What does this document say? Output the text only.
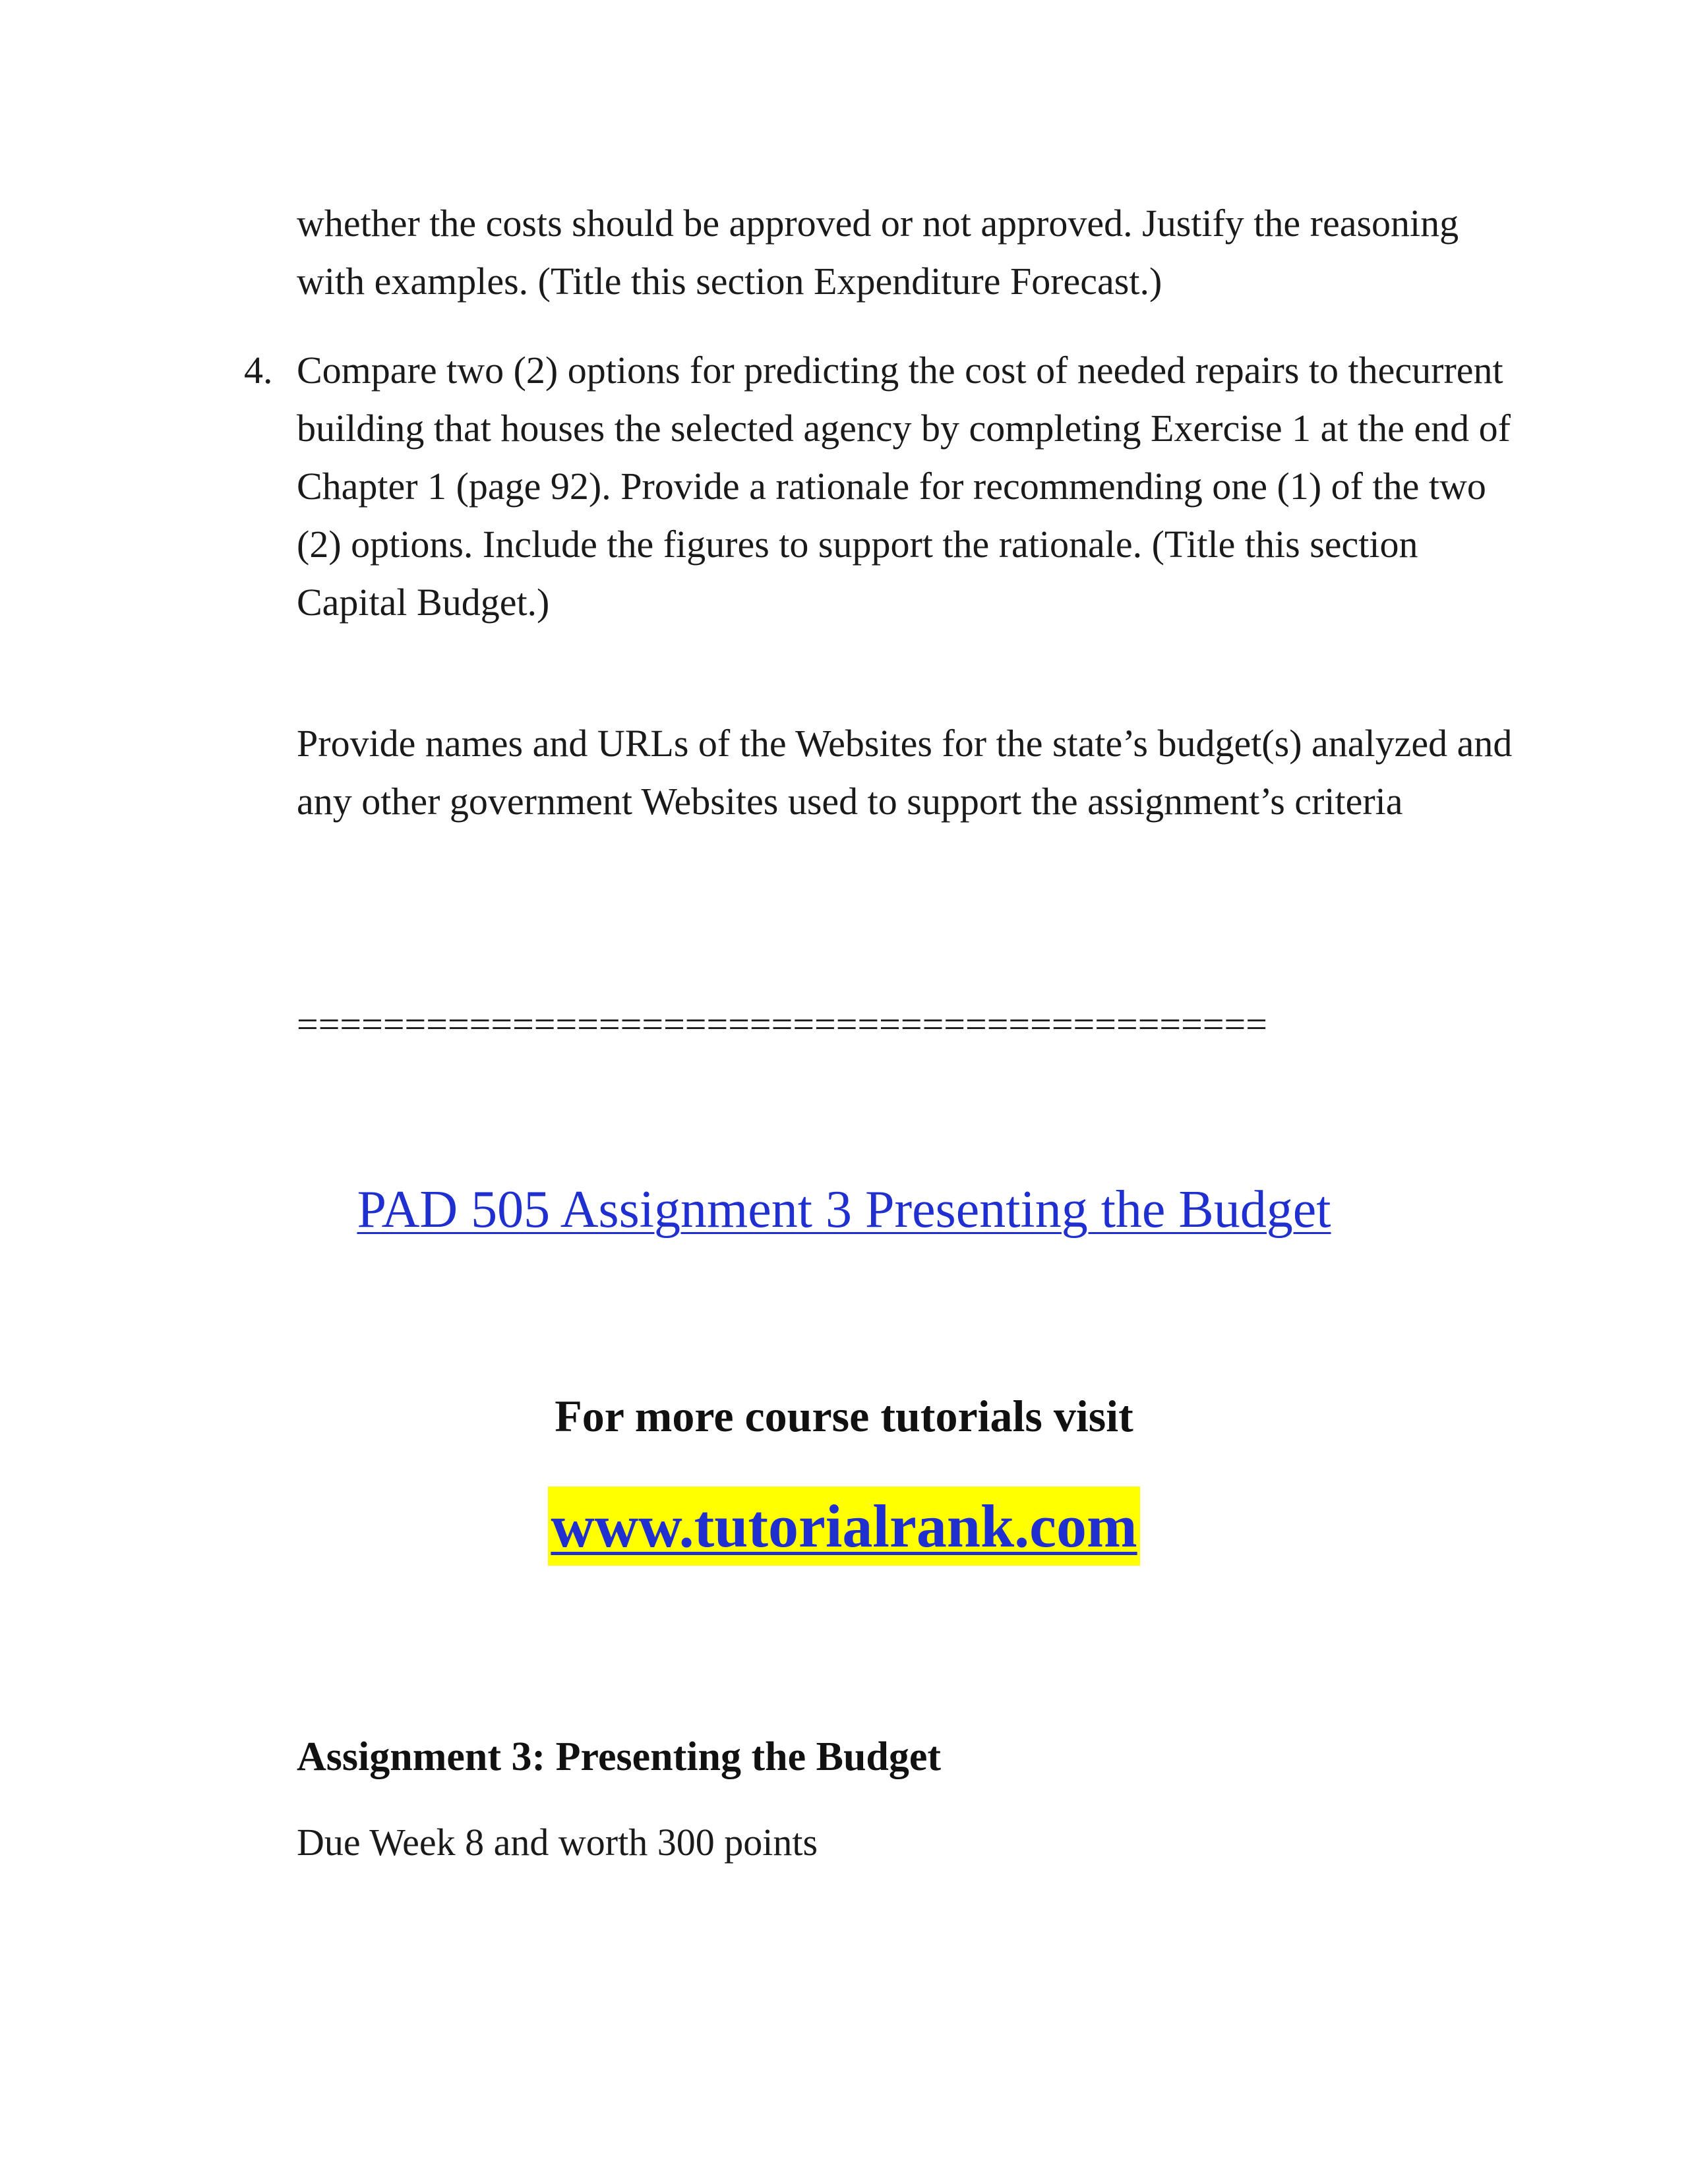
whether the costs should be approved or not approved. Justify the reasoning with examples. (Title this section Expenditure Forecast.)
4. Compare two (2) options for predicting the cost of needed repairs to thecurrent building that houses the selected agency by completing Exercise 1 at the end of Chapter 1 (page 92). Provide a rationale for recommending one (1) of the two (2) options. Include the figures to support the rationale. (Title this section Capital Budget.)
Provide names and URLs of the Websites for the state’s budget(s) analyzed and any other government Websites used to support the assignment’s criteria
=============================================
PAD 505 Assignment 3 Presenting the Budget
For more course tutorials visit
www.tutorialrank.com
Assignment 3: Presenting the Budget
Due Week 8 and worth 300 points
